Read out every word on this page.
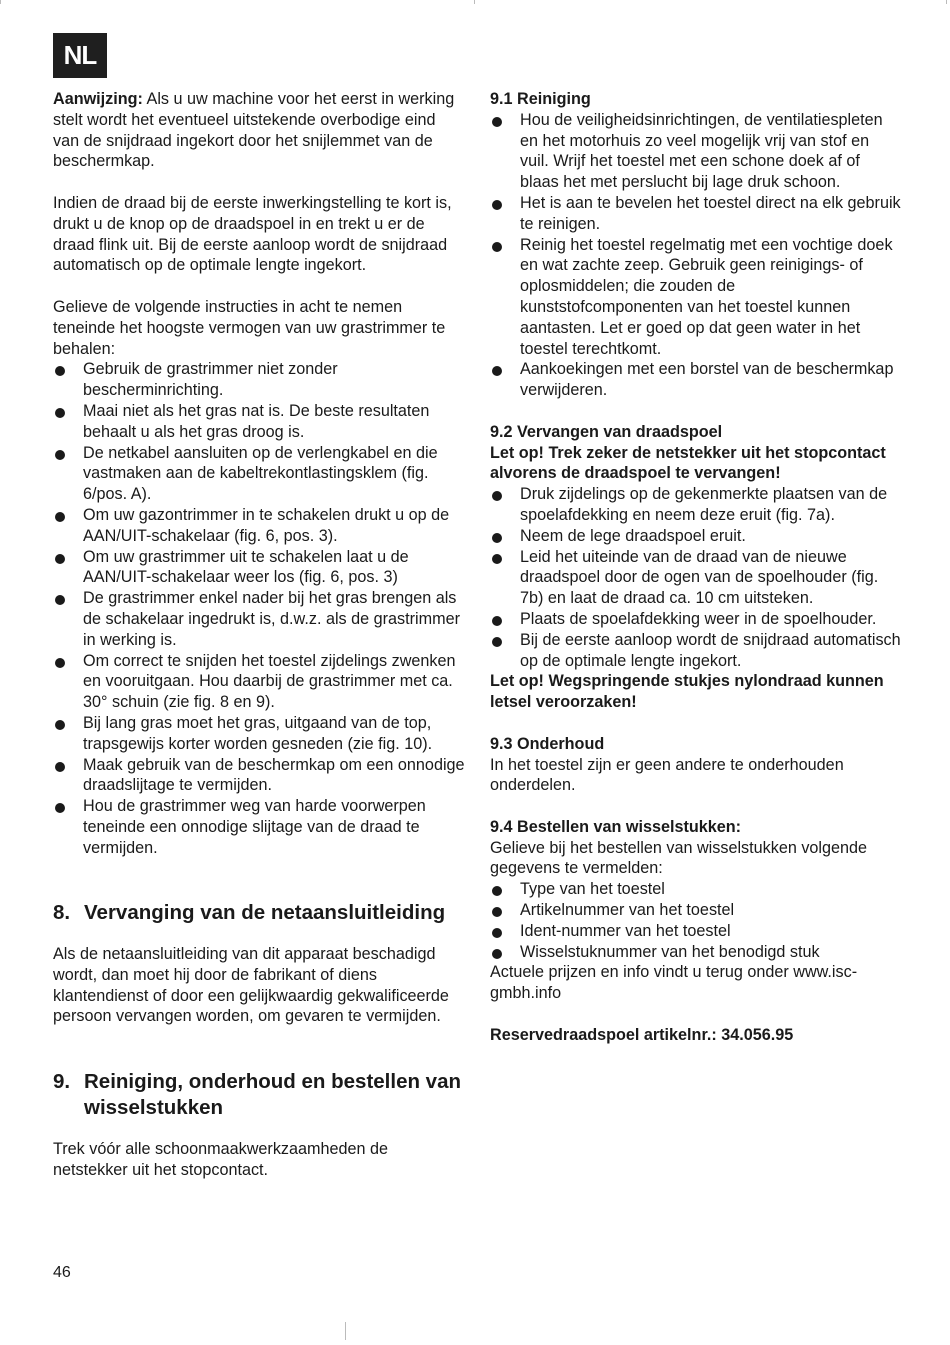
NL

Aanwijzing: Als u uw machine voor het eerst in werking stelt wordt het eventueel uitstekende overbodige eind van de snijdraad ingekort door het snijlemmet van de beschermkap.

Indien de draad bij de eerste inwerkingstelling te kort is, drukt u de knop op de draadspoel in en trekt u er de draad flink uit. Bij de eerste aanloop wordt de snijdraad automatisch op de optimale lengte ingekort.

Gelieve de volgende instructies in acht te nemen teneinde het hoogste vermogen van uw grastrimmer te behalen:

Gebruik de grastrimmer niet zonder bescherminrichting.
Maai niet als het gras nat is. De beste resultaten behaalt u als het gras droog is.
De netkabel aansluiten op de verlengkabel en die vastmaken aan de kabeltrekontlastingsklem (fig. 6/pos. A).
Om uw gazontrimmer in te schakelen drukt u op de AAN/UIT-schakelaar (fig. 6, pos. 3).
Om uw grastrimmer uit te schakelen laat u de AAN/UIT-schakelaar weer los (fig. 6, pos. 3)
De grastrimmer enkel nader bij het gras brengen als de schakelaar ingedrukt is, d.w.z. als de grastrimmer in werking is.
Om correct te snijden het toestel zijdelings zwenken en vooruitgaan. Hou daarbij de grastrimmer met ca. 30° schuin (zie fig. 8 en 9).
Bij lang gras moet het gras, uitgaand van de top, trapsgewijs korter worden gesneden (zie fig. 10).
Maak gebruik van de beschermkap om een onnodige draadslijtage te vermijden.
Hou de grastrimmer weg van harde voorwerpen teneinde een onnodige slijtage van de draad te vermijden.
8. Vervanging van de netaansluitleiding

Als de netaansluitleiding van dit apparaat beschadigd wordt, dan moet hij door de fabrikant of diens klantendienst of door een gelijkwaardig gekwalificeerde persoon vervangen worden, om gevaren te vermijden.

9. Reiniging, onderhoud en bestellen van wisselstukken

Trek vóór alle schoonmaakwerkzaamheden de netstekker uit het stopcontact.

9.1 Reiniging

Hou de veiligheidsinrichtingen, de ventilatiespleten en het motorhuis zo veel mogelijk vrij van stof en vuil. Wrijf het toestel met een schone doek af of blaas het met perslucht bij lage druk schoon.
Het is aan te bevelen het toestel direct na elk gebruik te reinigen.
Reinig het toestel regelmatig met een vochtige doek en wat zachte zeep. Gebruik geen reinigings- of oplosmiddelen; die zouden de kunststofcomponenten van het toestel kunnen aantasten. Let er goed op dat geen water in het toestel terechtkomt.
Aankoekingen met een borstel van de beschermkap verwijderen.

9.2 Vervangen van draadspoel

Let op! Trek zeker de netstekker uit het stopcontact alvorens de draadspoel te vervangen!

Druk zijdelings op de gekenmerkte plaatsen van de spoelafdekking en neem deze eruit (fig. 7a).
Neem de lege draadspoel eruit.
Leid het uiteinde van de draad van de nieuwe draadspoel door de ogen van de spoelhouder (fig. 7b) en laat de draad ca. 10 cm uitsteken.
Plaats de spoelafdekking weer in de spoelhouder.
Bij de eerste aanloop wordt de snijdraad automatisch op de optimale lengte ingekort.

Let op! Wegspringende stukjes nylondraad kunnen letsel veroorzaken!

9.3 Onderhoud

In het toestel zijn er geen andere te onderhouden onderdelen.

9.4 Bestellen van wisselstukken:

Gelieve bij het bestellen van wisselstukken volgende gegevens te vermelden:

Type van het toestel
Artikelnummer van het toestel
Ident-nummer van het toestel
Wisselstuknummer van het benodigd stuk

Actuele prijzen en info vindt u terug onder www.isc-gmbh.info

Reservedraadspoel artikelnr.: 34.056.95

46
